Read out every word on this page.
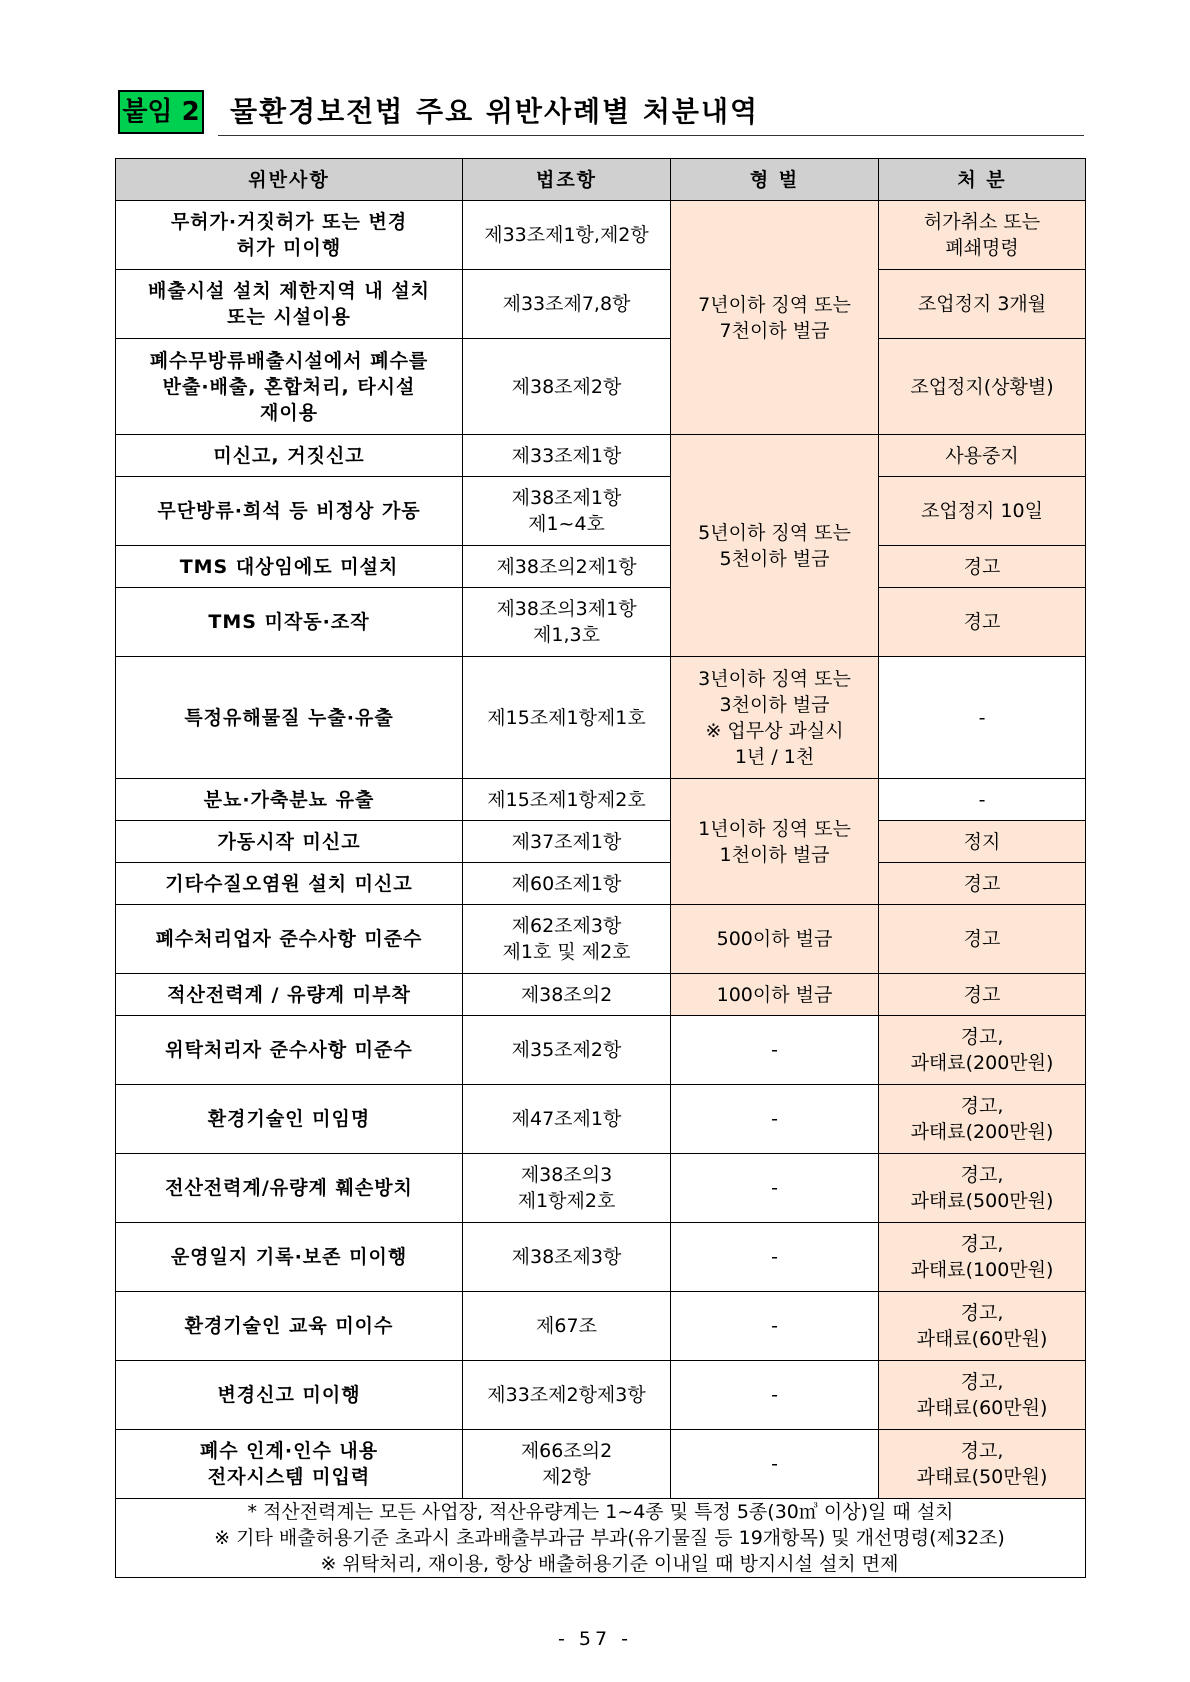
붙임 2 물환경보전법 주요 위반사례별 처분내역
위반사항	법조항	형 벌	처 분
무허가·거짓허가 또는 변경
허가 미이행	제33조제1항,제2항	7년이하 징역 또는
7천이하 벌금	허가취소 또는
폐쇄명령
배출시설 설치 제한지역 내 설치
또는 시설이용	제33조제7,8항		조업정지 3개월
폐수무방류배출시설에서 폐수를
반출·배출, 혼합처리, 타시설
재이용	제38조제2항		조업정지(상황별)
미신고, 거짓신고	제33조제1항	5년이하 징역 또는
5천이하 벌금	사용중지
무단방류·희석 등 비정상 가동	제38조제1항
제1~4호		조업정지 10일
TMS 대상임에도 미설치	제38조의2제1항		경고
TMS 미작동·조작	제38조의3제1항
제1,3호		경고
특정유해물질 누출·유출	제15조제1항제1호	3년이하 징역 또는
3천이하 벌금
※ 업무상 과실시
1년 / 1천	-
분뇨·가축분뇨 유출	제15조제1항제2호	1년이하 징역 또는
1천이하 벌금	-
가동시작 미신고	제37조제1항		정지
기타수질오염원 설치 미신고	제60조제1항		경고
폐수처리업자 준수사항 미준수	제62조제3항
제1호 및 제2호	500이하 벌금	경고
적산전력계 / 유량계 미부착	제38조의2	100이하 벌금	경고
위탁처리자 준수사항 미준수	제35조제2항	-	경고,
과태료(200만원)
환경기술인 미임명	제47조제1항	-	경고,
과태료(200만원)
전산전력계/유량계 훼손방치	제38조의3
제1항제2호	-	경고,
과태료(500만원)
운영일지 기록·보존 미이행	제38조제3항	-	경고,
과태료(100만원)
환경기술인 교육 미이수	제67조	-	경고,
과태료(60만원)
변경신고 미이행	제33조제2항제3항	-	경고,
과태료(60만원)
폐수 인계·인수 내용
전자시스템 미입력	제66조의2
제2항	-	경고,
과태료(50만원)

* 적산전력계는 모든 사업장, 적산유량계는 1~4종 및 특정 5종(30㎥ 이상)일 때 설치
※ 기타 배출허용기준 초과시 초과배출부과금 부과(유기물질 등 19개항목) 및 개선명령(제32조)
※ 위탁처리, 재이용, 항상 배출허용기준 이내일 때 방지시설 설치 면제			
- 57 -
